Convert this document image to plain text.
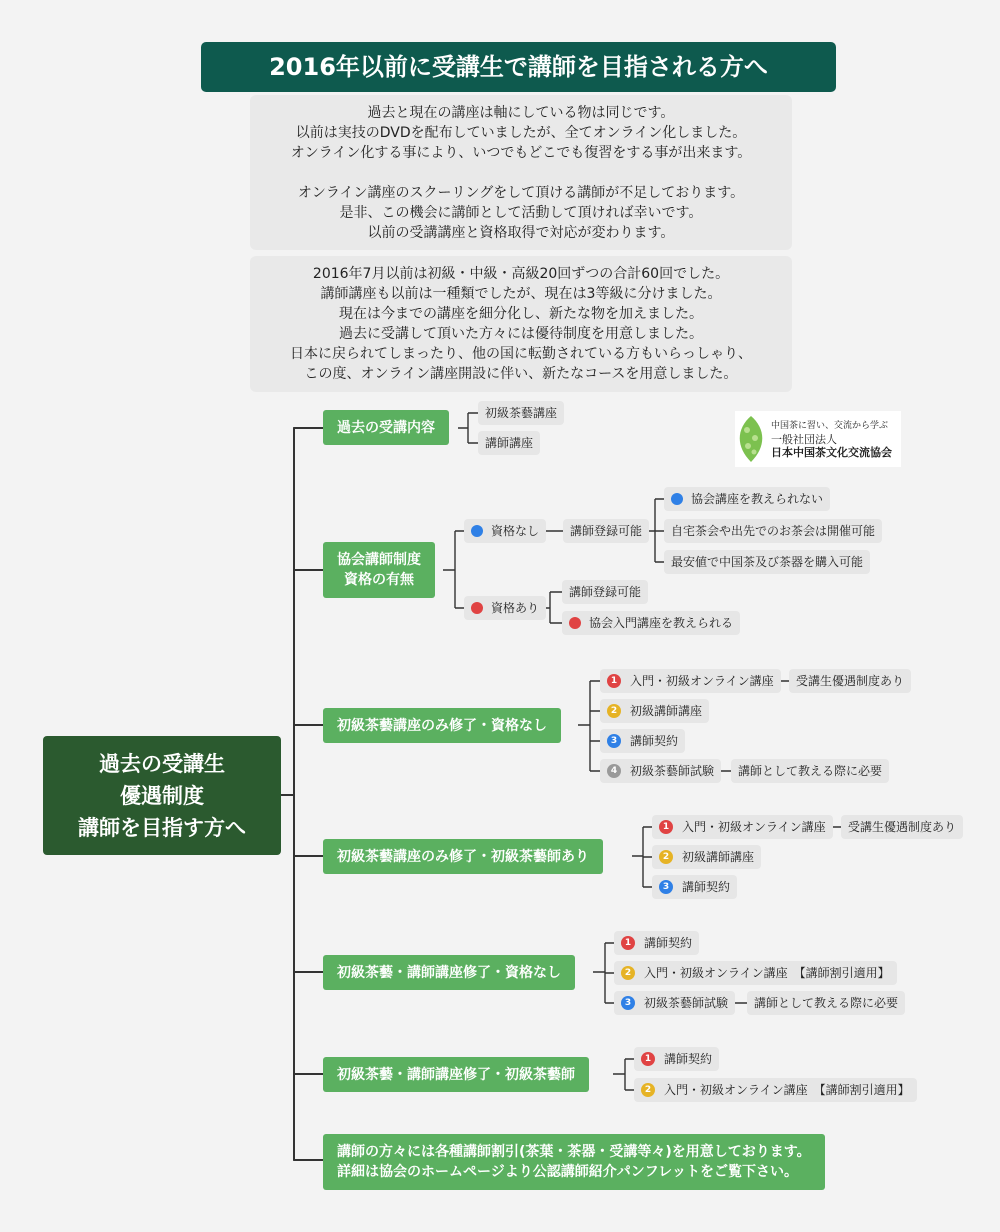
2016年以前に受講生で講師を目指される方へ
過去と現在の講座は軸にしている物は同じです。
以前は実技のDVDを配布していましたが、全てオンライン化しました。
オンライン化する事により、いつでもどこでも復習をする事が出来ます。
オンライン講座のスクーリングをして頂ける講師が不足しております。
是非、この機会に講師として活動して頂ければ幸いです。
以前の受講講座と資格取得で対応が変わります。
2016年7月以前は初級・中級・高級20回ずつの合計60回でした。
講師講座も以前は一種類でしたが、現在は3等級に分けました。
現在は今までの講座を細分化し、新たな物を加えました。
過去に受講して頂いた方々には優待制度を用意しました。
日本に戻られてしまったり、他の国に転勤されている方もいらっしゃり、
この度、オンライン講座開設に伴い、新たなコースを用意しました。
中国茶に習い、交流から学ぶ
一般社団法人
日本中国茶文化交流協会
過去の受講生
優遇制度
講師を目指す方へ
過去の受講内容
初級茶藝講座
講師講座
協会講師制度
資格の有無
資格なし	講師登録可能
協会講座を教えられない
自宅茶会や出先でのお茶会は開催可能
最安値で中国茶及び茶器を購入可能
資格あり
講師登録可能
協会入門講座を教えられる
初級茶藝講座のみ修了・資格なし
1	入門・初級オンライン講座	受講生優遇制度あり
2	初級講師講座
3	講師契約
4	初級茶藝師試験	講師として教える際に必要
初級茶藝講座のみ修了・初級茶藝師あり
1	入門・初級オンライン講座	受講生優遇制度あり
2	初級講師講座
3	講師契約
初級茶藝・講師講座修了・資格なし
1	講師契約
2	入門・初級オンライン講座　【講師割引適用】
3	初級茶藝師試験	講師として教える際に必要
初級茶藝・講師講座修了・初級茶藝師
1	講師契約
2	入門・初級オンライン講座　【講師割引適用】
講師の方々には各種講師割引(茶葉・茶器・受講等々)を用意しております。
詳細は協会のホームページより公認講師紹介パンフレットをご覧下さい。
